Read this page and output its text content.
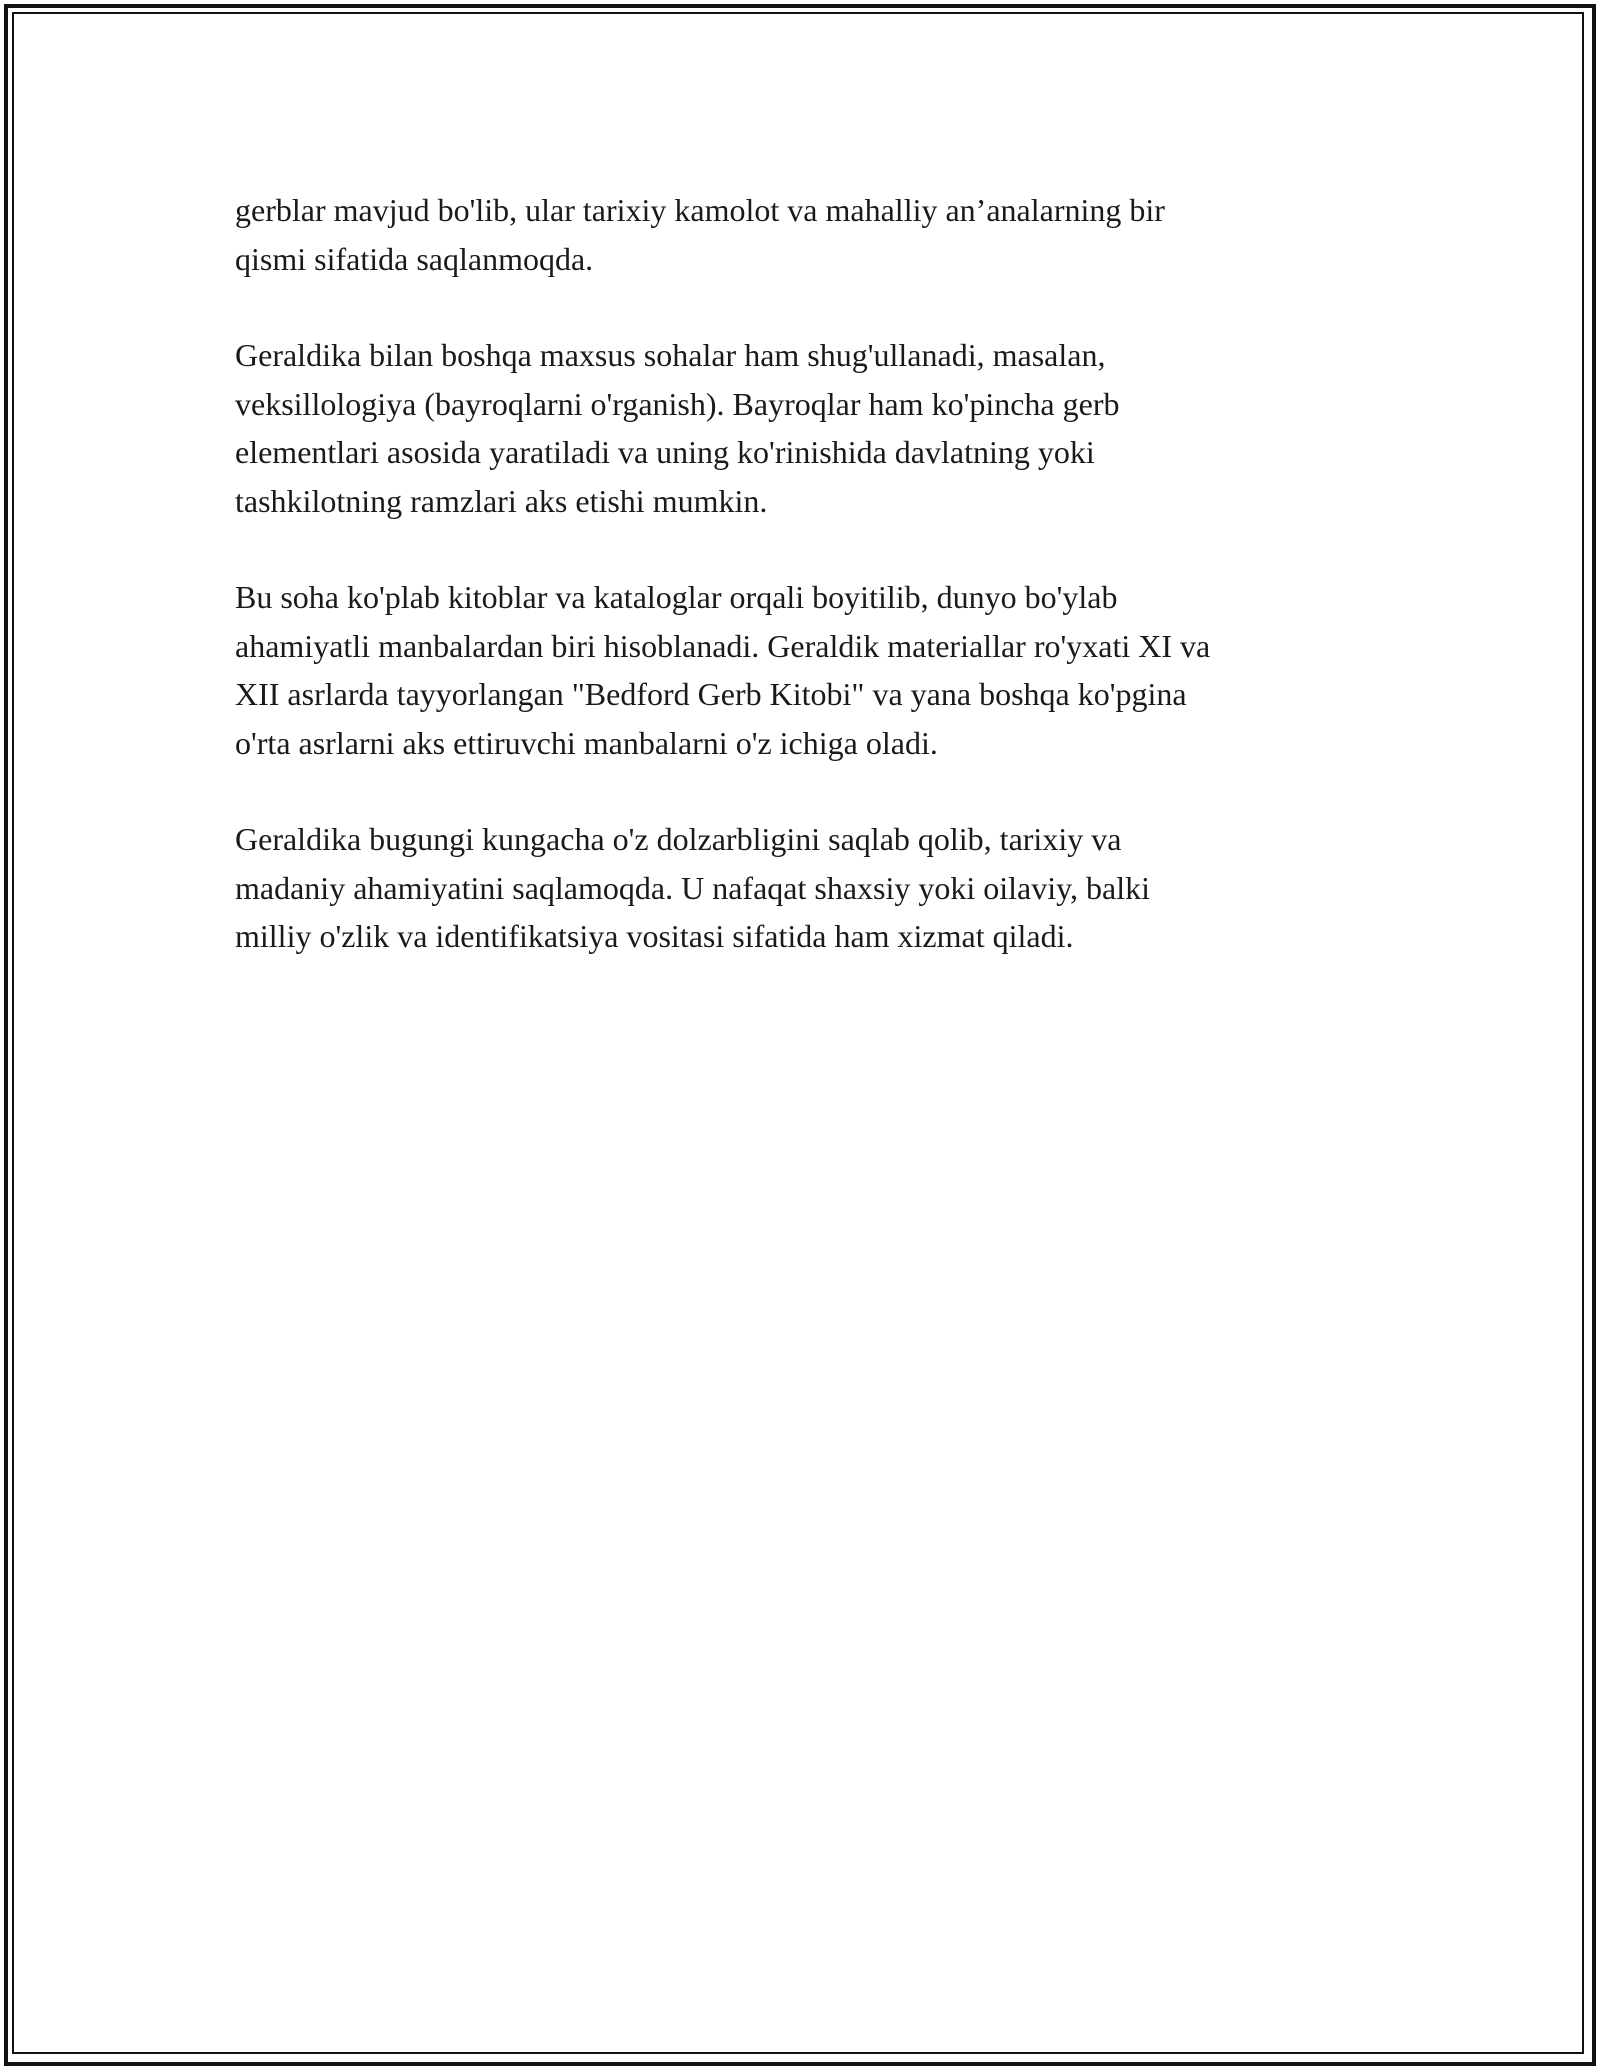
gerblar mavjud bo'lib, ular tarixiy kamolot va mahalliy an’analarning bir
qismi sifatida saqlanmoqda.

Geraldika bilan boshqa maxsus sohalar ham shug'ullanadi, masalan,
veksillologiya (bayroqlarni o'rganish). Bayroqlar ham ko'pincha gerb
elementlari asosida yaratiladi va uning ko'rinishida davlatning yoki
tashkilotning ramzlari aks etishi mumkin.

Bu soha ko'plab kitoblar va kataloglar orqali boyitilib, dunyo bo'ylab
ahamiyatli manbalardan biri hisoblanadi. Geraldik materiallar ro'yxati XI va
XII asrlarda tayyorlangan "Bedford Gerb Kitobi" va yana boshqa ko'pgina
o'rta asrlarni aks ettiruvchi manbalarni o'z ichiga oladi.

Geraldika bugungi kungacha o'z dolzarbligini saqlab qolib, tarixiy va
madaniy ahamiyatini saqlamoqda. U nafaqat shaxsiy yoki oilaviy, balki
milliy o'zlik va identifikatsiya vositasi sifatida ham xizmat qiladi.
